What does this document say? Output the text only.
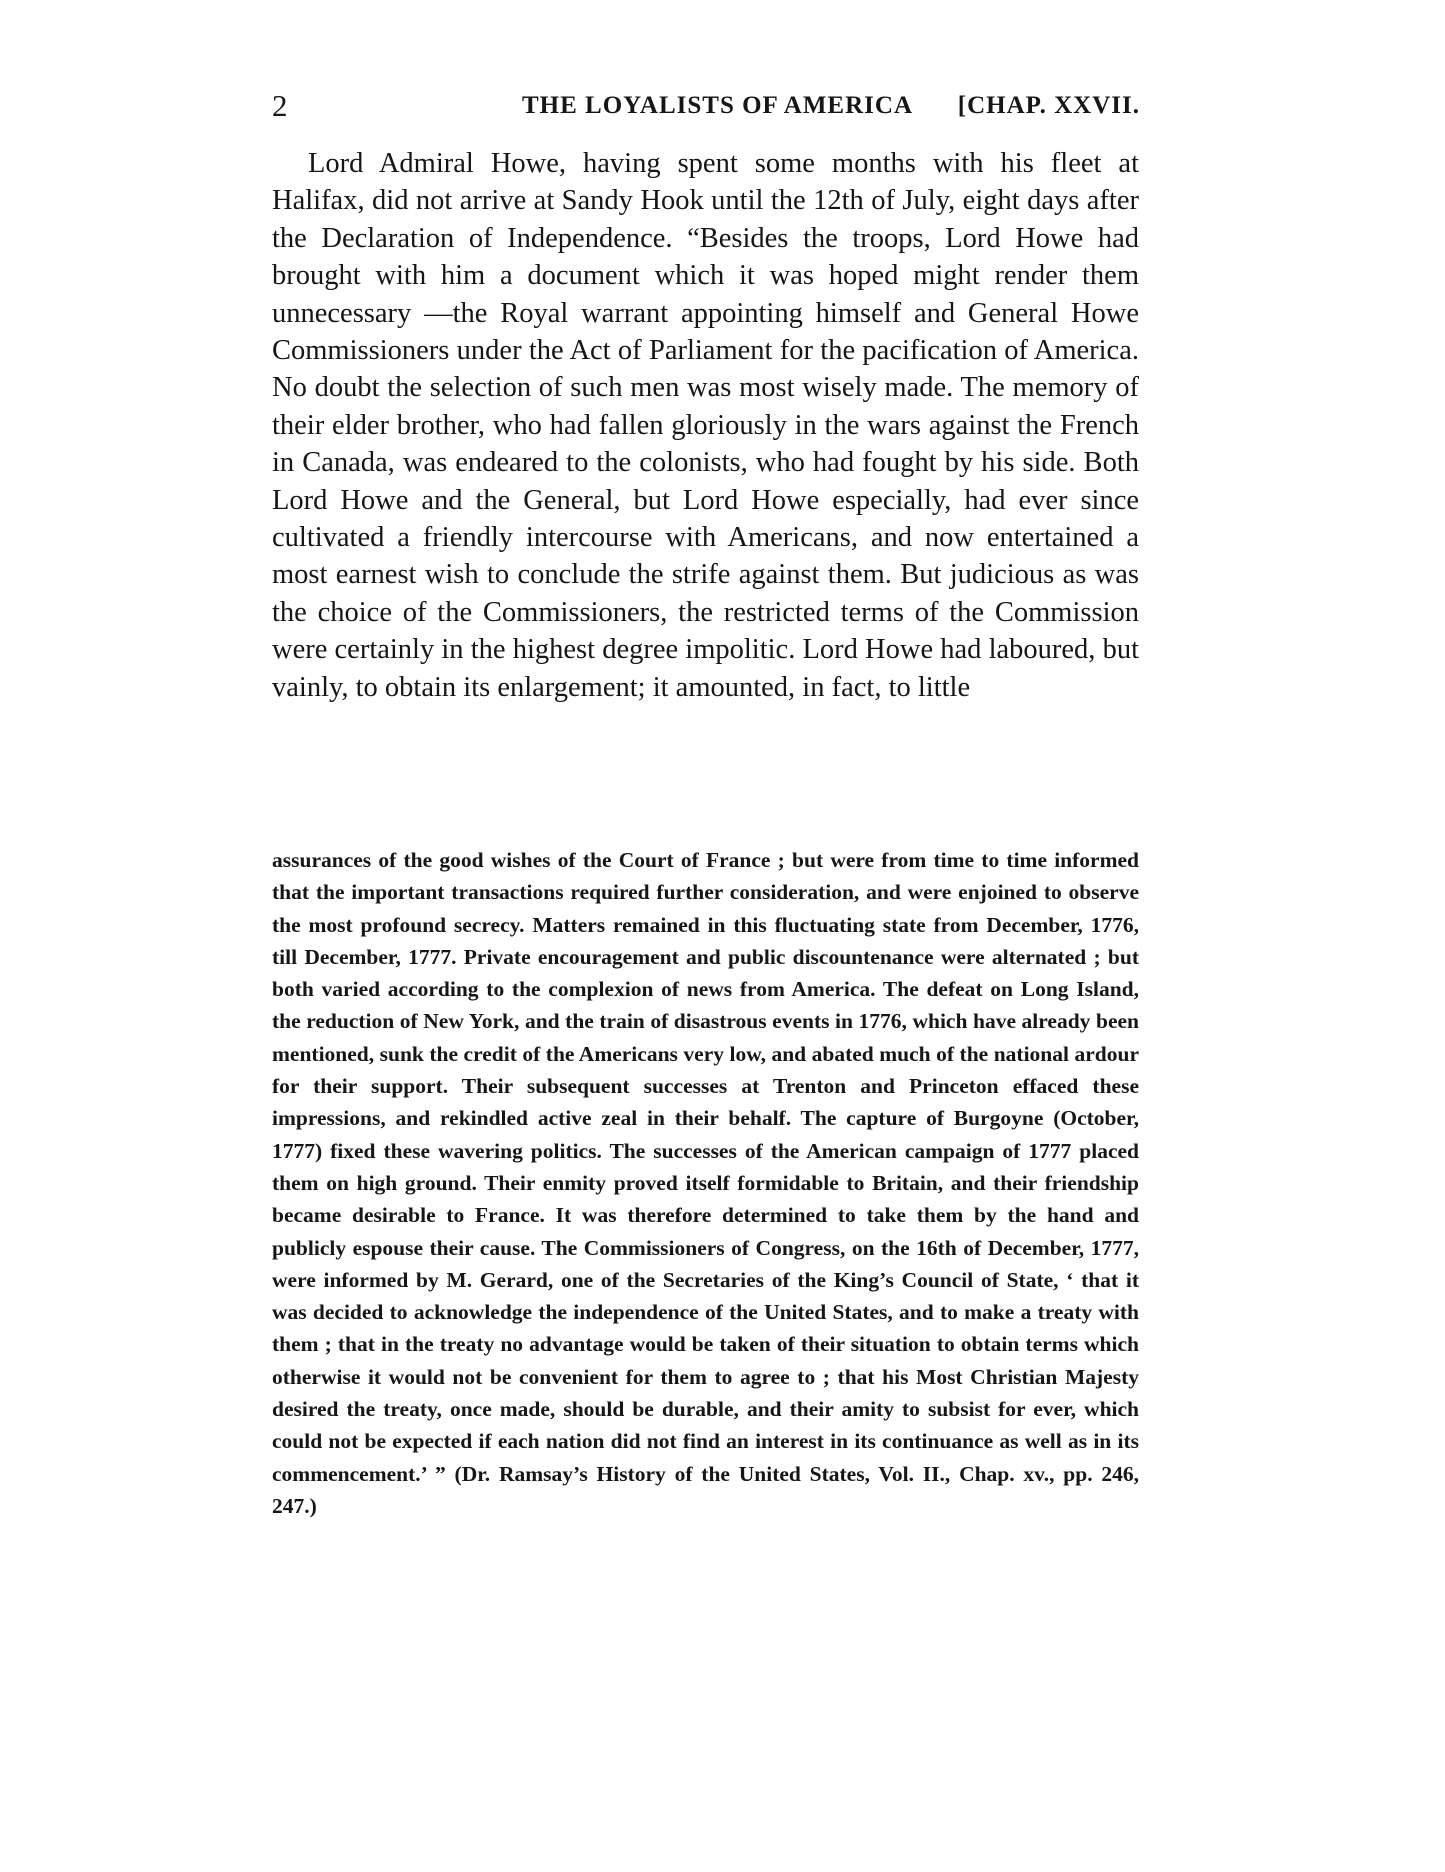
2	THE LOYALISTS OF AMERICA [CHAP. XXVII.

Lord Admiral Howe, having spent some months with his fleet at Halifax, did not arrive at Sandy Hook until the 12th of July, eight days after the Declaration of Independence. “Besides the troops, Lord Howe had brought with him a document which it was hoped might render them unnecessary —the Royal warrant appointing himself and General Howe Commissioners under the Act of Parliament for the pacification of America. No doubt the selection of such men was most wisely made. The memory of their elder brother, who had fallen gloriously in the wars against the French in Canada, was endeared to the colonists, who had fought by his side. Both Lord Howe and the General, but Lord Howe especially, had ever since cultivated a friendly intercourse with Americans, and now entertained a most earnest wish to conclude the strife against them. But judicious as was the choice of the Commissioners, the restricted terms of the Commission were certainly in the highest degree impolitic. Lord Howe had laboured, but vainly, to obtain its enlargement; it amounted, in fact, to little

assurances of the good wishes of the Court of France ; but were from time to time informed that the important transactions required further consideration, and were enjoined to observe the most profound secrecy. Matters remained in this fluctuating state from December, 1776, till December, 1777. Private encouragement and public discountenance were alternated ; but both varied according to the complexion of news from America. The defeat on Long Island, the reduction of New York, and the train of disastrous events in 1776, which have already been mentioned, sunk the credit of the Americans very low, and abated much of the national ardour for their support. Their subsequent successes at Trenton and Princeton effaced these impressions, and rekindled active zeal in their behalf. The capture of Burgoyne (October, 1777) fixed these wavering politics. The successes of the American campaign of 1777 placed them on high ground. Their enmity proved itself formidable to Britain, and their friendship became desirable to France. It was therefore determined to take them by the hand and publicly espouse their cause. The Commissioners of Congress, on the 16th of December, 1777, were informed by M. Gerard, one of the Secretaries of the King’s Council of State, ‘ that it was decided to acknowledge the independence of the United States, and to make a treaty with them ; that in the treaty no advantage would be taken of their situation to obtain terms which otherwise it would not be convenient for them to agree to ; that his Most Christian Majesty desired the treaty, once made, should be durable, and their amity to subsist for ever, which could not be expected if each nation did not find an interest in its continuance as well as in its commencement.’ ” (Dr. Ramsay’s History of the United States, Vol. II., Chap. xv., pp. 246, 247.)
